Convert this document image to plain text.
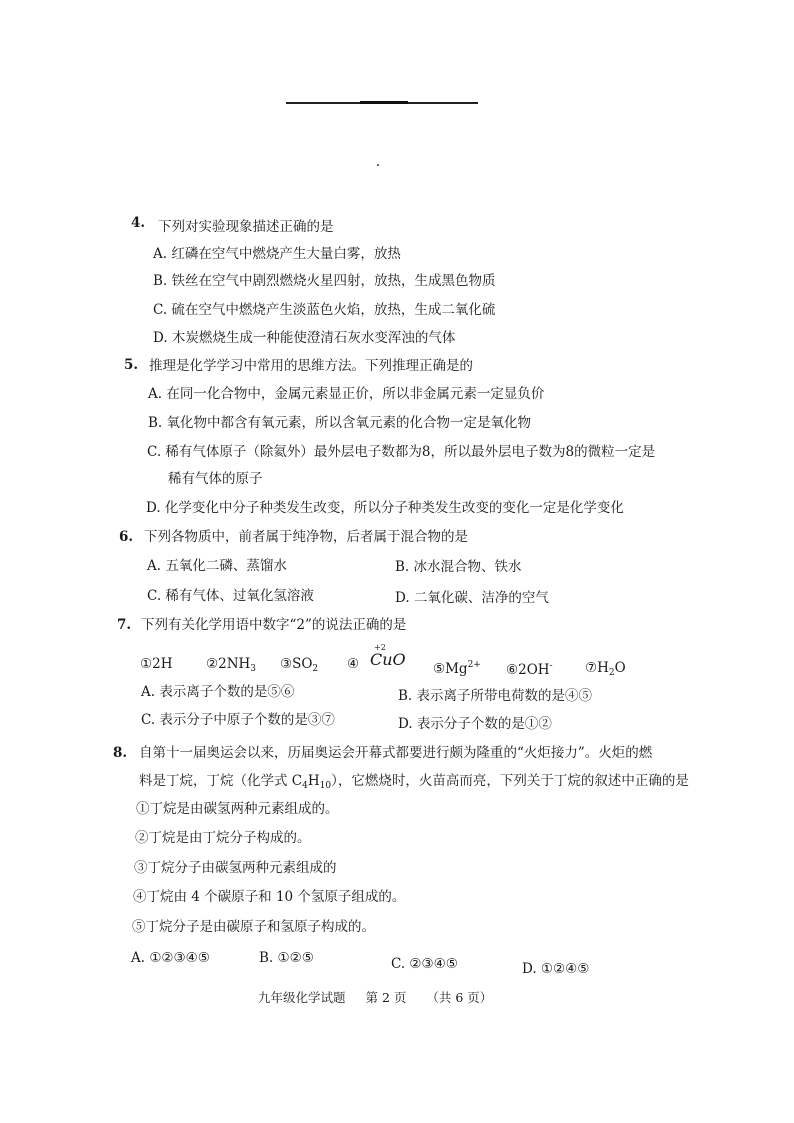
4. 下列对实验现象描述正确的是
A. 红磷在空气中燃烧产生大量白雾，放热
B. 铁丝在空气中剧烈燃烧火星四射，放热，生成黑色物质
C. 硫在空气中燃烧产生淡蓝色火焰，放热，生成二氧化硫
D. 木炭燃烧生成一种能使澄清石灰水变浑浊的气体
5. 推理是化学学习中常用的思维方法。下列推理正确是的
A. 在同一化合物中，金属元素显正价，所以非金属元素一定显负价
B. 氧化物中都含有氧元素，所以含氧元素的化合物一定是氧化物
C. 稀有气体原子（除氦外）最外层电子数都为8，所以最外层电子数为8的微粒一定是
稀有气体的原子
D. 化学变化中分子种类发生改变，所以分子种类发生改变的变化一定是化学变化
6. 下列各物质中，前者属于纯净物，后者属于混合物的是
A. 五氧化二磷、蒸馏水	B. 冰水混合物、铁水
C. 稀有气体、过氧化氢溶液	D. 二氧化碳、洁净的空气
7. 下列有关化学用语中数字“2”的说法正确的是
①2H $②2NH_3$ $③SO_2$ ④
+2
CuO $⑤Mg^{2+}$ ⑥2OH- $⑦H_2O$
A. 表示离子个数的是⑤⑥	B. 表示离子所带电荷数的是④⑤
C. 表示分子中原子个数的是③⑦	D. 表示分子个数的是①②
8. 自第十一届奥运会以来，历届奥运会开幕式都要进行颇为隆重的“火炬接力”。火炬的燃
料是丁烷，丁烷（化学式 $C_4H_{10}$），它燃烧时，火苗高而亮，下列关于丁烷的叙述中正确的是
①丁烷是由碳氢两种元素组成的。
②丁烷是由丁烷分子构成的。
③丁烷分子由碳氢两种元素组成的
④丁烷由 4 个碳原子和 10 个氢原子组成的。
⑤丁烷分子是由碳原子和氢原子构成的。
A. ①②③④⑤	B. ①②⑤	C. ②③④⑤	D. ①②④⑤
九年级化学试题 第 2 页 （共 6 页）
